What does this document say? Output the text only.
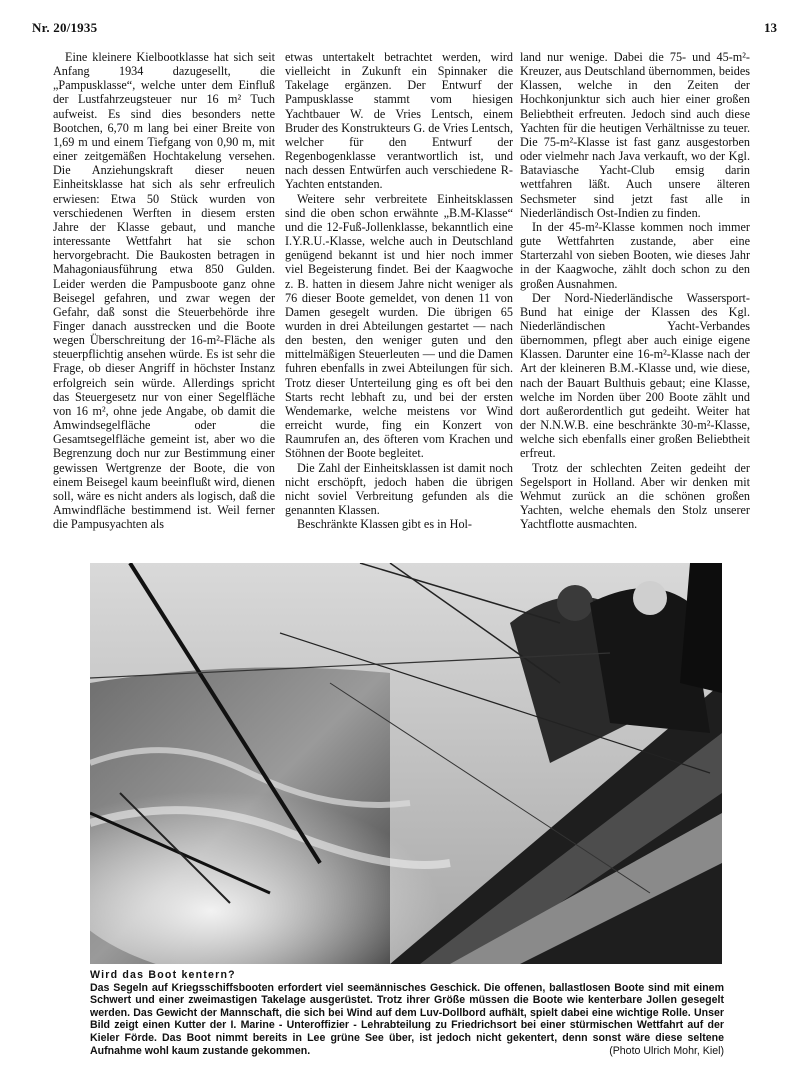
Nr. 20/1935	13

Eine kleinere Kielbootklasse hat sich seit Anfang 1934 dazugesellt, die „Pampusklasse“, welche unter dem Einfluß der Lustfahrzeugsteuer nur 16 m² Tuch aufweist. Es sind dies besonders nette Bootchen, 6,70 m lang bei einer Breite von 1,69 m und einem Tiefgang von 0,90 m, mit einer zeitgemäßen Hochtakelung versehen. Die Anziehungskraft dieser neuen Einheitsklasse hat sich als sehr erfreulich erwiesen: Etwa 50 Stück wurden von verschiedenen Werften in diesem ersten Jahre der Klasse gebaut, und manche interessante Wettfahrt hat sie schon hervorgebracht. Die Baukosten betragen in Mahagoniausführung etwa 850 Gulden. Leider werden die Pampusboote ganz ohne Beisegel gefahren, und zwar wegen der Gefahr, daß sonst die Steuerbehörde ihre Finger danach ausstrecken und die Boote wegen Überschreitung der 16-m²-Fläche als steuerpflichtig ansehen würde. Es ist sehr die Frage, ob dieser Angriff in höchster Instanz erfolgreich sein würde. Allerdings spricht das Steuergesetz nur von einer Segelfläche von 16 m², ohne jede Angabe, ob damit die Amwindsegelfläche oder die Gesamtsegelfläche gemeint ist, aber wo die Begrenzung doch nur zur Bestimmung einer gewissen Wertgrenze der Boote, die von einem Beisegel kaum beeinflußt wird, dienen soll, wäre es nicht anders als logisch, daß die Amwindfläche bestimmend ist. Weil ferner die Pampusyachten als

etwas untertakelt betrachtet werden, wird vielleicht in Zukunft ein Spinnaker die Takelage ergänzen. Der Entwurf der Pampusklasse stammt vom hiesigen Yachtbauer W. de Vries Lentsch, einem Bruder des Konstrukteurs G. de Vries Lentsch, welcher für den Entwurf der Regenbogenklasse verantwortlich ist, und nach dessen Entwürfen auch verschiedene R-Yachten entstanden.

Weitere sehr verbreitete Einheitsklassen sind die oben schon erwähnte „B.M-Klasse“ und die 12-Fuß-Jollenklasse, bekanntlich eine I.Y.R.U.-Klasse, welche auch in Deutschland genügend bekannt ist und hier noch immer viel Begeisterung findet. Bei der Kaagwoche z. B. hatten in diesem Jahre nicht weniger als 76 dieser Boote gemeldet, von denen 11 von Damen gesegelt wurden. Die übrigen 65 wurden in drei Abteilungen gestartet — nach den besten, den weniger guten und den mittelmäßigen Steuerleuten — und die Damen fuhren ebenfalls in zwei Abteilungen für sich. Trotz dieser Unterteilung ging es oft bei den Starts recht lebhaft zu, und bei der ersten Wendemarke, welche meistens vor Wind erreicht wurde, fing ein Konzert von Raumrufen an, des öfteren vom Krachen und Stöhnen der Boote begleitet.

Die Zahl der Einheitsklassen ist damit noch nicht erschöpft, jedoch haben die übrigen nicht soviel Verbreitung gefunden als die genannten Klassen.

Beschränkte Klassen gibt es in Hol-

land nur wenige. Dabei die 75- und 45-m²-Kreuzer, aus Deutschland übernommen, beides Klassen, welche in den Zeiten der Hochkonjunktur sich auch hier einer großen Beliebtheit erfreuten. Jedoch sind auch diese Yachten für die heutigen Verhältnisse zu teuer. Die 75-m²-Klasse ist fast ganz ausgestorben oder vielmehr nach Java verkauft, wo der Kgl. Bataviasche Yacht-Club emsig darin wettfahren läßt. Auch unsere älteren Sechsmeter sind jetzt fast alle in Niederländisch Ost-Indien zu finden.

In der 45-m²-Klasse kommen noch immer gute Wettfahrten zustande, aber eine Starterzahl von sieben Booten, wie dieses Jahr in der Kaagwoche, zählt doch schon zu den großen Ausnahmen.

Der Nord-Niederländische Wassersport-Bund hat einige der Klassen des Kgl. Niederländischen Yacht-Verbandes übernommen, pflegt aber auch einige eigene Klassen. Darunter eine 16-m²-Klasse nach der Art der kleineren B.M.-Klasse und, wie diese, nach der Bauart Bulthuis gebaut; eine Klasse, welche im Norden über 200 Boote zählt und dort außerordentlich gut gedeiht. Weiter hat der N.N.W.B. eine beschränkte 30-m²-Klasse, welche sich ebenfalls einer großen Beliebtheit erfreut.

Trotz der schlechten Zeiten gedeiht der Segelsport in Holland. Aber wir denken mit Wehmut zurück an die schönen großen Yachten, welche ehemals den Stolz unserer Yachtflotte ausmachten.

Wird das Boot kentern?
Das Segeln auf Kriegsschiffsbooten erfordert viel seemännisches Geschick. Die offenen, ballastlosen Boote sind mit einem Schwert und einer zweimastigen Takelage ausgerüstet. Trotz ihrer Größe müssen die Boote wie kenterbare Jollen gesegelt werden. Das Gewicht der Mannschaft, die sich bei Wind auf dem Luv-Dollbord aufhält, spielt dabei eine wichtige Rolle. Unser Bild zeigt einen Kutter der I. Marine - Unteroffizier - Lehrabteilung zu Friedrichsort bei einer stürmischen Wettfahrt auf der Kieler Förde. Das Boot nimmt bereits in Lee grüne See über, ist jedoch nicht gekentert, denn sonst wäre diese seltene Aufnahme wohl kaum zustande gekommen.	(Photo Ulrich Mohr, Kiel)
